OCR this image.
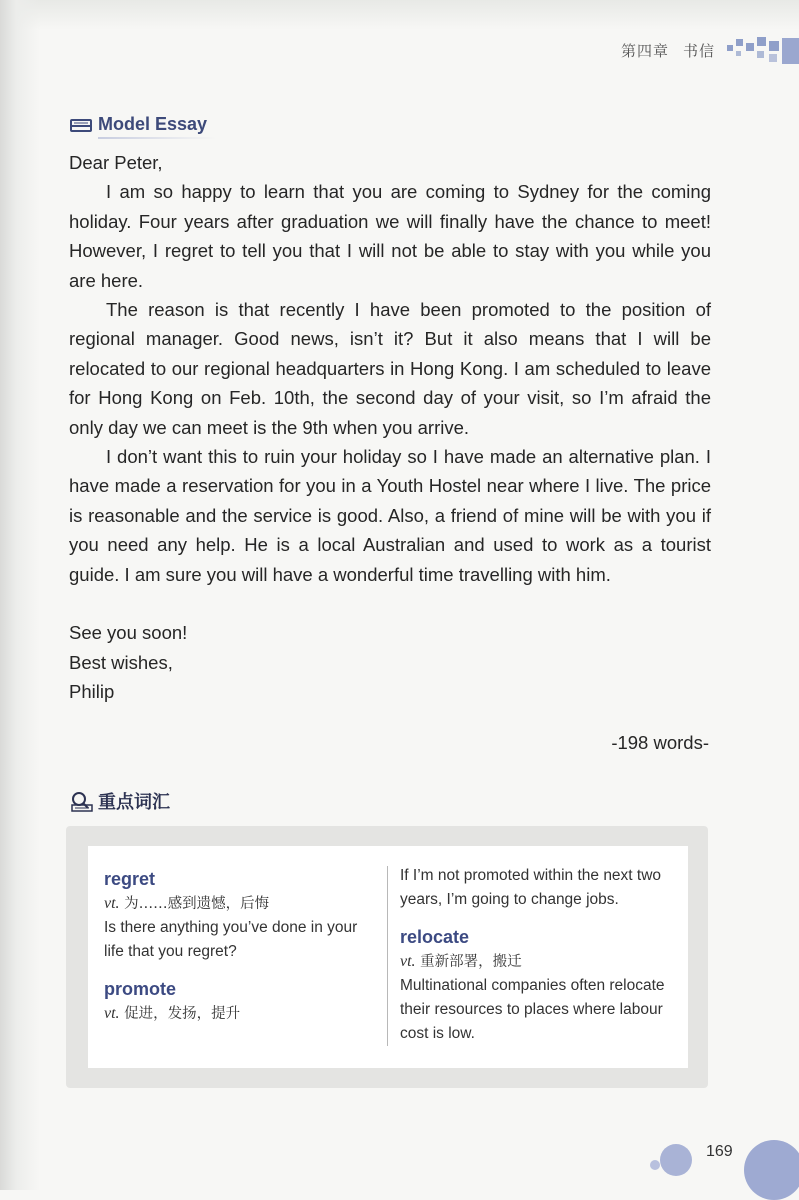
第四章 书信
Model Essay

Dear Peter,

I am so happy to learn that you are coming to Sydney for the coming holiday. Four years after graduation we will finally have the chance to meet! However, I regret to tell you that I will not be able to stay with you while you are here.

The reason is that recently I have been promoted to the position of regional manager. Good news, isn’t it? But it also means that I will be relocated to our regional headquarters in Hong Kong. I am scheduled to leave for Hong Kong on Feb. 10th, the second day of your visit, so I’m afraid the only day we can meet is the 9th when you arrive.

I don’t want this to ruin your holiday so I have made an alternative plan. I have made a reservation for you in a Youth Hostel near where I live. The price is reasonable and the service is good. Also, a friend of mine will be with you if you need any help. He is a local Australian and used to work as a tourist guide. I am sure you will have a wonderful time travelling with him.

See you soon!
Best wishes,
Philip
-198 words-
重点词汇
regret
vt. 为……感到遗憾，后悔
Is there anything you’ve done in your life that you regret?
promote
vt. 促进，发扬，提升
If I’m not promoted within the next two years, I’m going to change jobs.
relocate
vt. 重新部署，搬迁
Multinational companies often relocate their resources to places where labour cost is low.
169
